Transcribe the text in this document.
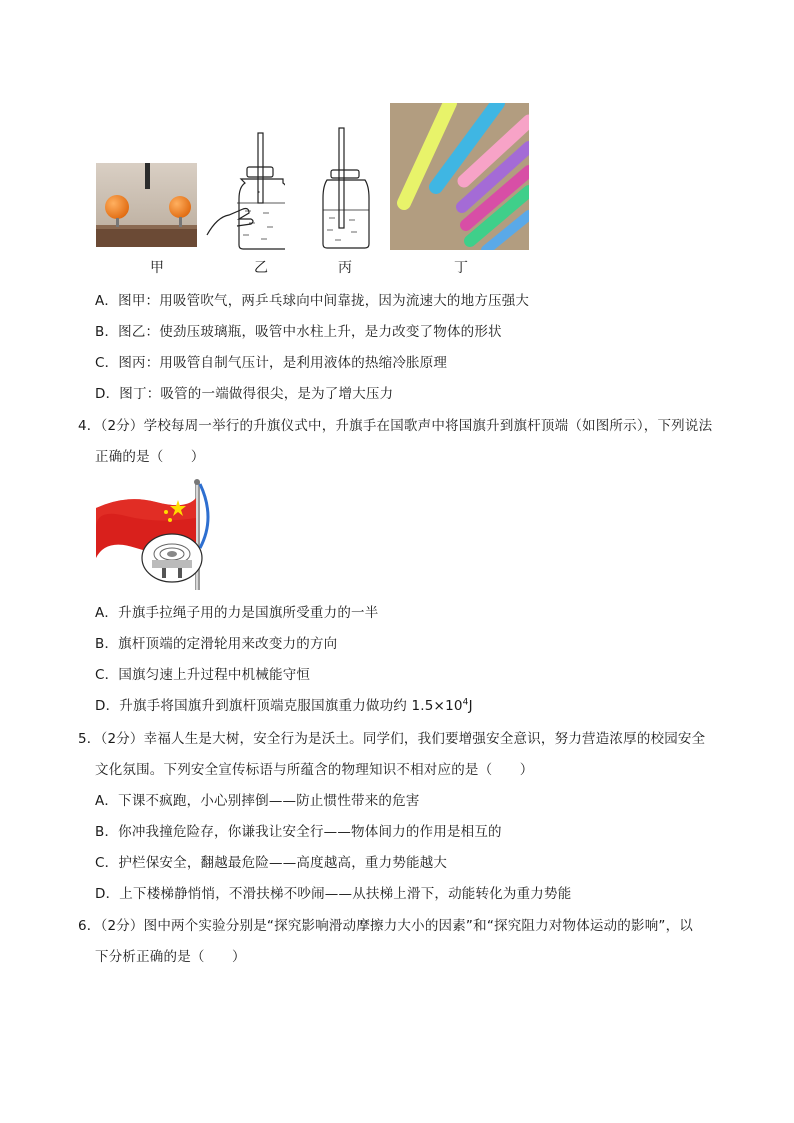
甲	乙	丙	丁
A．图甲：用吸管吹气，两乒乓球向中间靠拢，因为流速大的地方压强大
B．图乙：使劲压玻璃瓶，吸管中水柱上升，是力改变了物体的形状
C．图丙：用吸管自制气压计，是利用液体的热缩冷胀原理
D．图丁：吸管的一端做得很尖，是为了增大压力
4．（2分）学校每周一举行的升旗仪式中，升旗手在国歌声中将国旗升到旗杆顶端（如图所示），下列说法
正确的是（　　）
A．升旗手拉绳子用的力是国旗所受重力的一半
B．旗杆顶端的定滑轮用来改变力的方向
C．国旗匀速上升过程中机械能守恒
D．升旗手将国旗升到旗杆顶端克服国旗重力做功约 $1.5\times 10^4J$
5．（2分）幸福人生是大树，安全行为是沃土。同学们，我们要增强安全意识，努力营造浓厚的校园安全
文化氛围。下列安全宣传标语与所蕴含的物理知识不相对应的是（　　）
A．下课不疯跑，小心别摔倒——防止惯性带来的危害
B．你冲我撞危险存，你谦我让安全行——物体间力的作用是相互的
C．护栏保安全，翻越最危险——高度越高，重力势能越大
D．上下楼梯静悄悄，不滑扶梯不吵闹——从扶梯上滑下，动能转化为重力势能
6．（2分）图中两个实验分别是“探究影响滑动摩擦力大小的因素”和“探究阻力对物体运动的影响”，以
下分析正确的是（　　）
